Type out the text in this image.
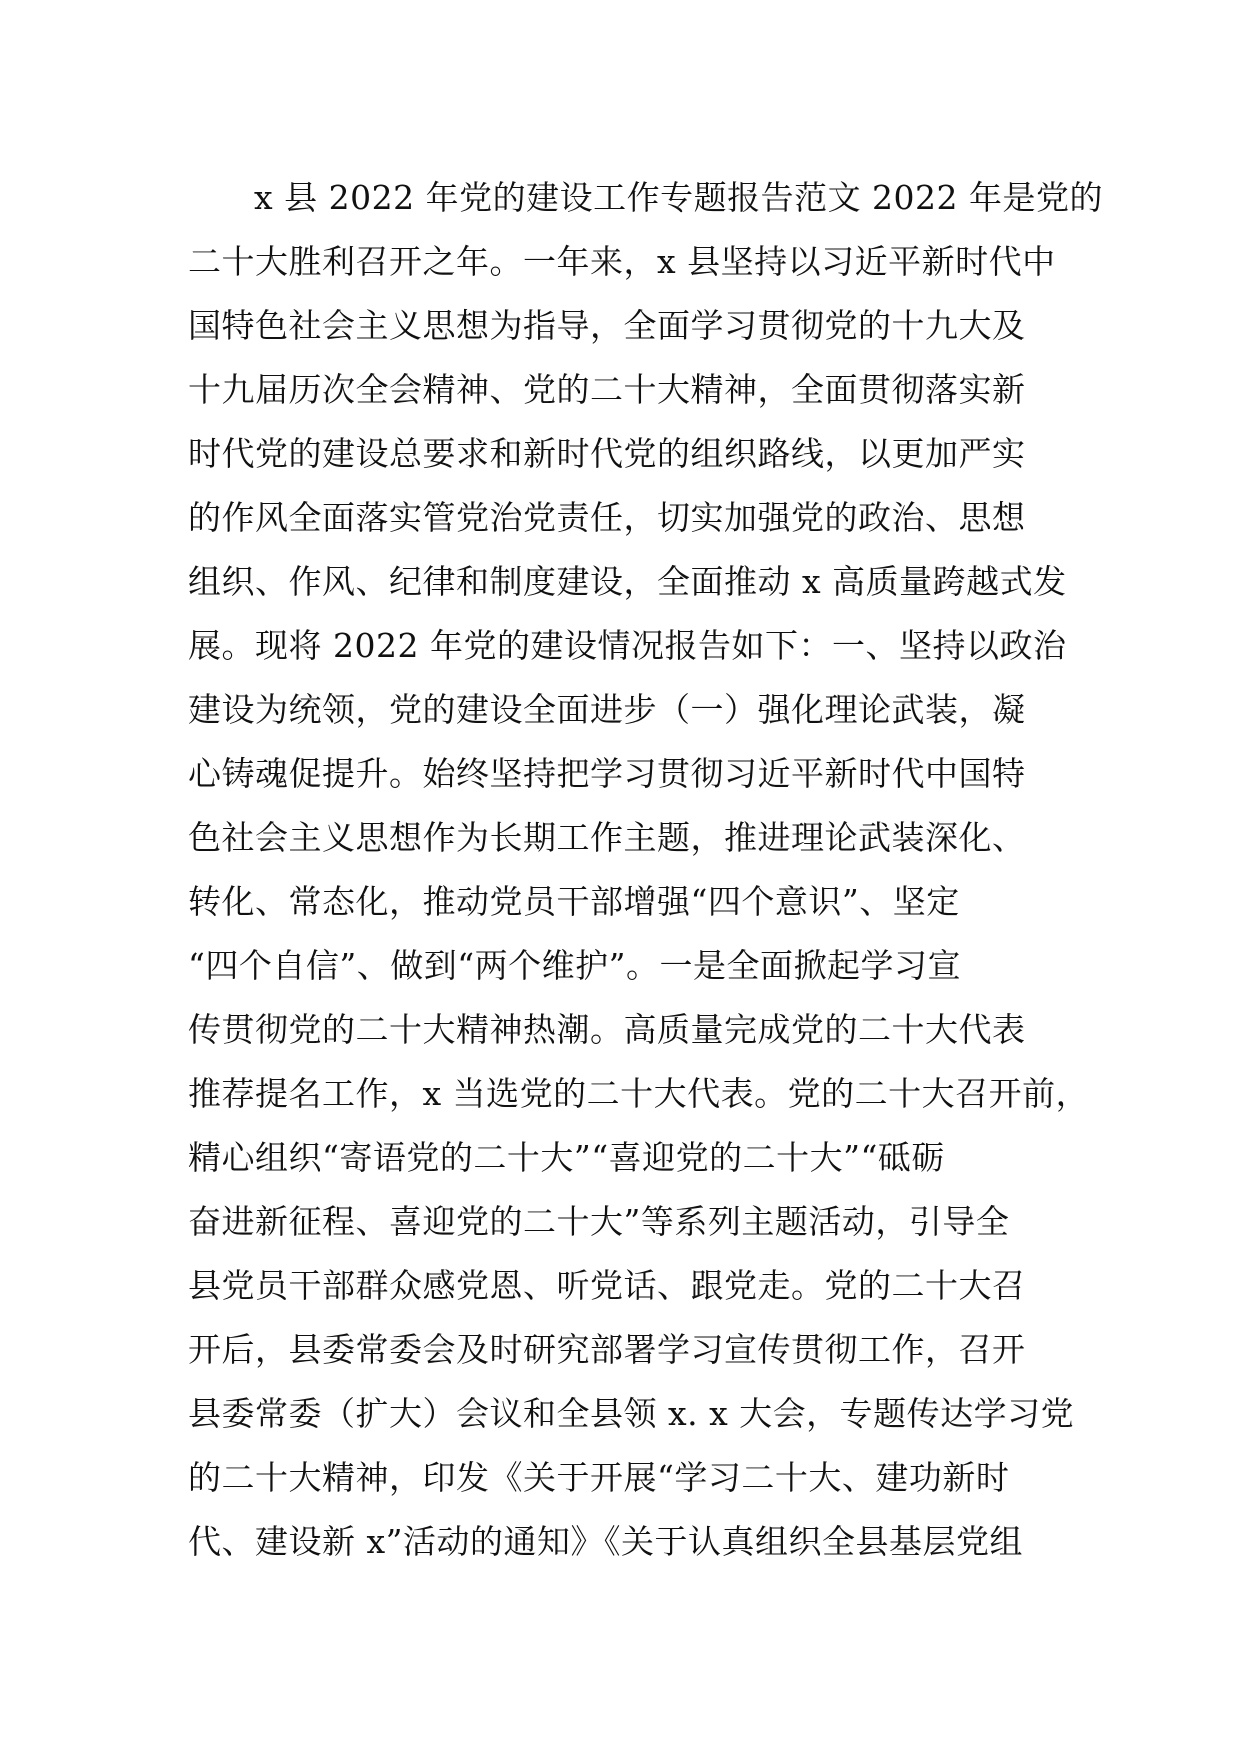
x 县 2022 年党的建设工作专题报告范文 2022 年是党的
二十大胜利召开之年。一年来，x 县坚持以习近平新时代中
国特色社会主义思想为指导，全面学习贯彻党的十九大及
十九届历次全会精神、党的二十大精神，全面贯彻落实新
时代党的建设总要求和新时代党的组织路线，以更加严实
的作风全面落实管党治党责任，切实加强党的政治、思想
组织、作风、纪律和制度建设，全面推动 x 高质量跨越式发
展。现将 2022 年党的建设情况报告如下：一、坚持以政治
建设为统领，党的建设全面进步（一）强化理论武装，凝
心铸魂促提升。始终坚持把学习贯彻习近平新时代中国特
色社会主义思想作为长期工作主题，推进理论武装深化、
转化、常态化，推动党员干部增强“四个意识”、坚定
“四个自信”、做到“两个维护”。一是全面掀起学习宣
传贯彻党的二十大精神热潮。高质量完成党的二十大代表
推荐提名工作，x 当选党的二十大代表。党的二十大召开前，
精心组织“寄语党的二十大”“喜迎党的二十大”“砥砺
奋进新征程、喜迎党的二十大”等系列主题活动，引导全
县党员干部群众感党恩、听党话、跟党走。党的二十大召
开后，县委常委会及时研究部署学习宣传贯彻工作，召开
县委常委（扩大）会议和全县领 x. x 大会，专题传达学习党
的二十大精神，印发《关于开展“学习二十大、建功新时
代、建设新 x”活动的通知》《关于认真组织全县基层党组
